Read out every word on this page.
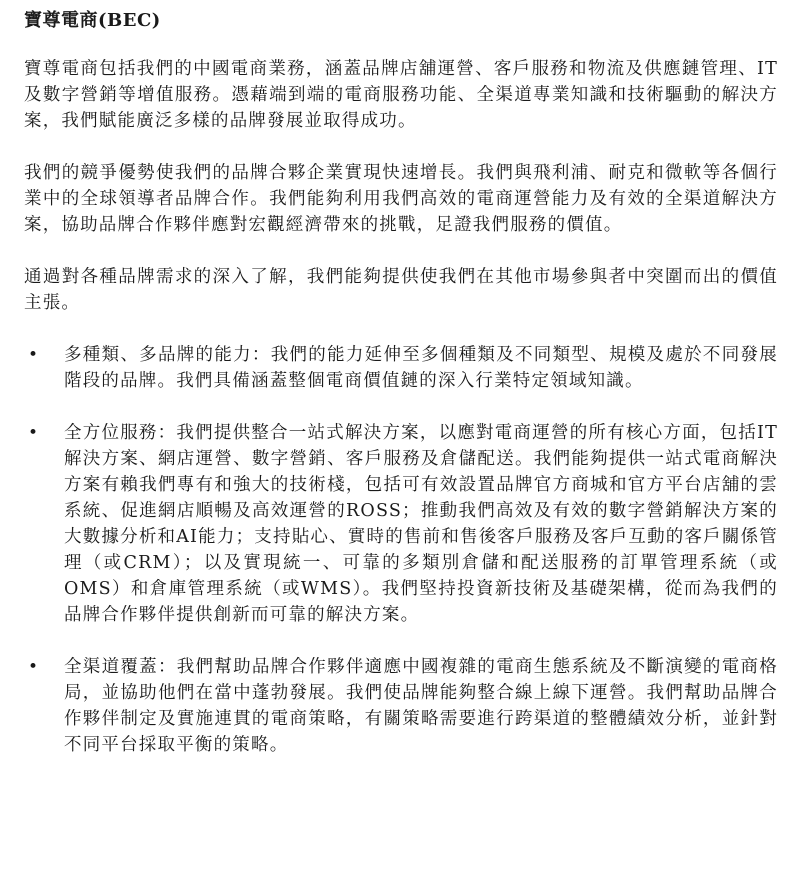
寶尊電商(BEC)

寶尊電商包括我們的中國電商業務，涵蓋品牌店舖運營、客戶服務和物流及供應鏈管理、IT及數字營銷等增值服務。憑藉端到端的電商服務功能、全渠道專業知識和技術驅動的解決方案，我們賦能廣泛多樣的品牌發展並取得成功。

我們的競爭優勢使我們的品牌合夥企業實現快速增長。我們與飛利浦、耐克和微軟等各個行業中的全球領導者品牌合作。我們能夠利用我們高效的電商運營能力及有效的全渠道解決方案，協助品牌合作夥伴應對宏觀經濟帶來的挑戰，足證我們服務的價值。

通過對各種品牌需求的深入了解，我們能夠提供使我們在其他市場參與者中突圍而出的價值主張。

• 多種類、多品牌的能力：我們的能力延伸至多個種類及不同類型、規模及處於不同發展階段的品牌。我們具備涵蓋整個電商價值鏈的深入行業特定領域知識。
• 全方位服務：我們提供整合一站式解決方案，以應對電商運營的所有核心方面，包括IT解決方案、網店運營、數字營銷、客戶服務及倉儲配送。我們能夠提供一站式電商解決方案有賴我們專有和強大的技術棧，包括可有效設置品牌官方商城和官方平台店舖的雲系統、促進網店順暢及高效運營的ROSS；推動我們高效及有效的數字營銷解決方案的大數據分析和AI能力；支持貼心、實時的售前和售後客戶服務及客戶互動的客戶關係管理（或CRM）；以及實現統一、可靠的多類別倉儲和配送服務的訂單管理系統（或OMS）和倉庫管理系統（或WMS）。我們堅持投資新技術及基礎架構，從而為我們的品牌合作夥伴提供創新而可靠的解決方案。
• 全渠道覆蓋：我們幫助品牌合作夥伴適應中國複雜的電商生態系統及不斷演變的電商格局，並協助他們在當中蓬勃發展。我們使品牌能夠整合線上線下運營。我們幫助品牌合作夥伴制定及實施連貫的電商策略，有關策略需要進行跨渠道的整體績效分析，並針對不同平台採取平衡的策略。
